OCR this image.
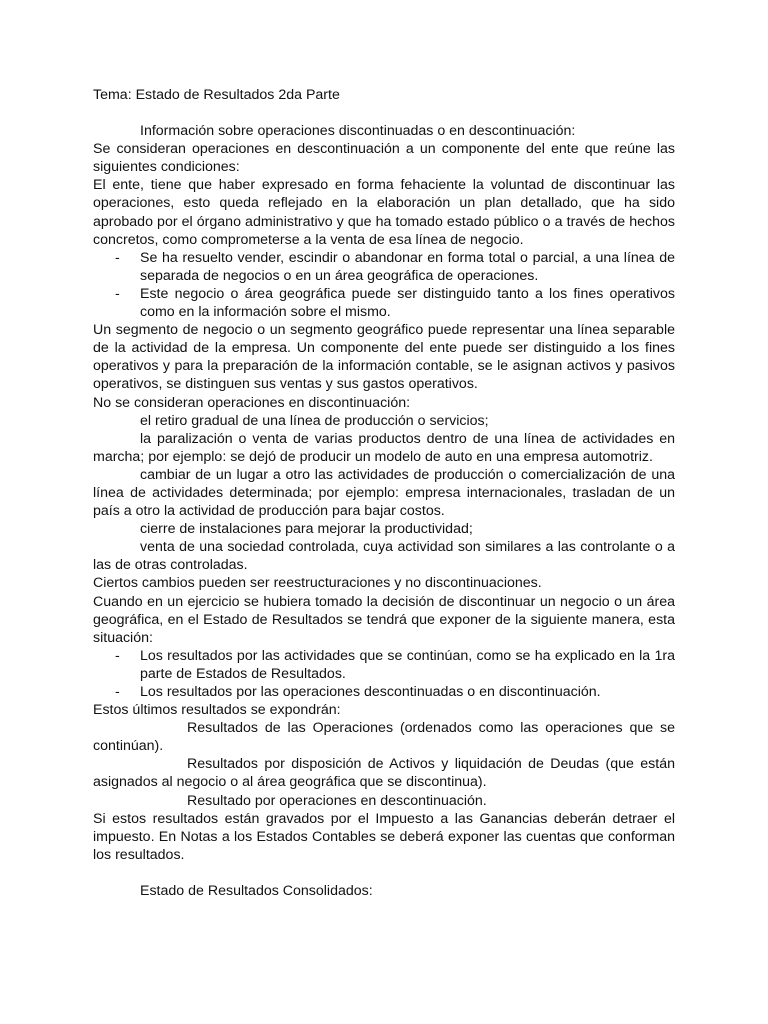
Tema: Estado de Resultados 2da Parte

Información sobre operaciones discontinuadas o en descontinuación:

Se consideran operaciones en descontinuación a un componente del ente que reúne las siguientes condiciones:

El ente, tiene que haber expresado en forma fehaciente la voluntad de discontinuar las operaciones, esto queda reflejado en la elaboración un plan detallado, que ha sido aprobado por el órgano administrativo y que ha tomado estado público o a través de hechos concretos, como comprometerse a la venta de esa línea de negocio.

- Se ha resuelto vender, escindir o abandonar en forma total o parcial, a una línea de separada de negocios o en un área geográfica de operaciones.
- Este negocio o área geográfica puede ser distinguido tanto a los fines operativos como en la información sobre el mismo.

Un segmento de negocio o un segmento geográfico puede representar una línea separable de la actividad de la empresa. Un componente del ente puede ser distinguido a los fines operativos y para la preparación de la información contable, se le asignan activos y pasivos operativos, se distinguen sus ventas y sus gastos operativos.

No se consideran operaciones en discontinuación:

el retiro gradual de una línea de producción o servicios;

la paralización o venta de varias productos dentro de una línea de actividades en marcha; por ejemplo: se dejó de producir un modelo de auto en una empresa automotriz.

cambiar de un lugar a otro las actividades de producción o comercialización de una línea de actividades determinada; por ejemplo: empresa internacionales, trasladan de un país a otro la actividad de producción para bajar costos.

cierre de instalaciones para mejorar la productividad;

venta de una sociedad controlada, cuya actividad son similares a las controlante o a las de otras controladas.

Ciertos cambios pueden ser reestructuraciones y no discontinuaciones.

Cuando en un ejercicio se hubiera tomado la decisión de discontinuar un negocio o un área geográfica, en el Estado de Resultados se tendrá que exponer de la siguiente manera, esta situación:

- Los resultados por las actividades que se continúan, como se ha explicado en la 1ra parte de Estados de Resultados.
- Los resultados por las operaciones descontinuadas o en discontinuación.

Estos últimos resultados se expondrán:

Resultados de las Operaciones (ordenados como las operaciones que se continúan).

Resultados por disposición de Activos y liquidación de Deudas (que están asignados al negocio o al área geográfica que se discontinua).

Resultado por operaciones en descontinuación.

Si estos resultados están gravados por el Impuesto a las Ganancias deberán detraer el impuesto. En Notas a los Estados Contables se deberá exponer las cuentas que conforman los resultados.

Estado de Resultados Consolidados:
